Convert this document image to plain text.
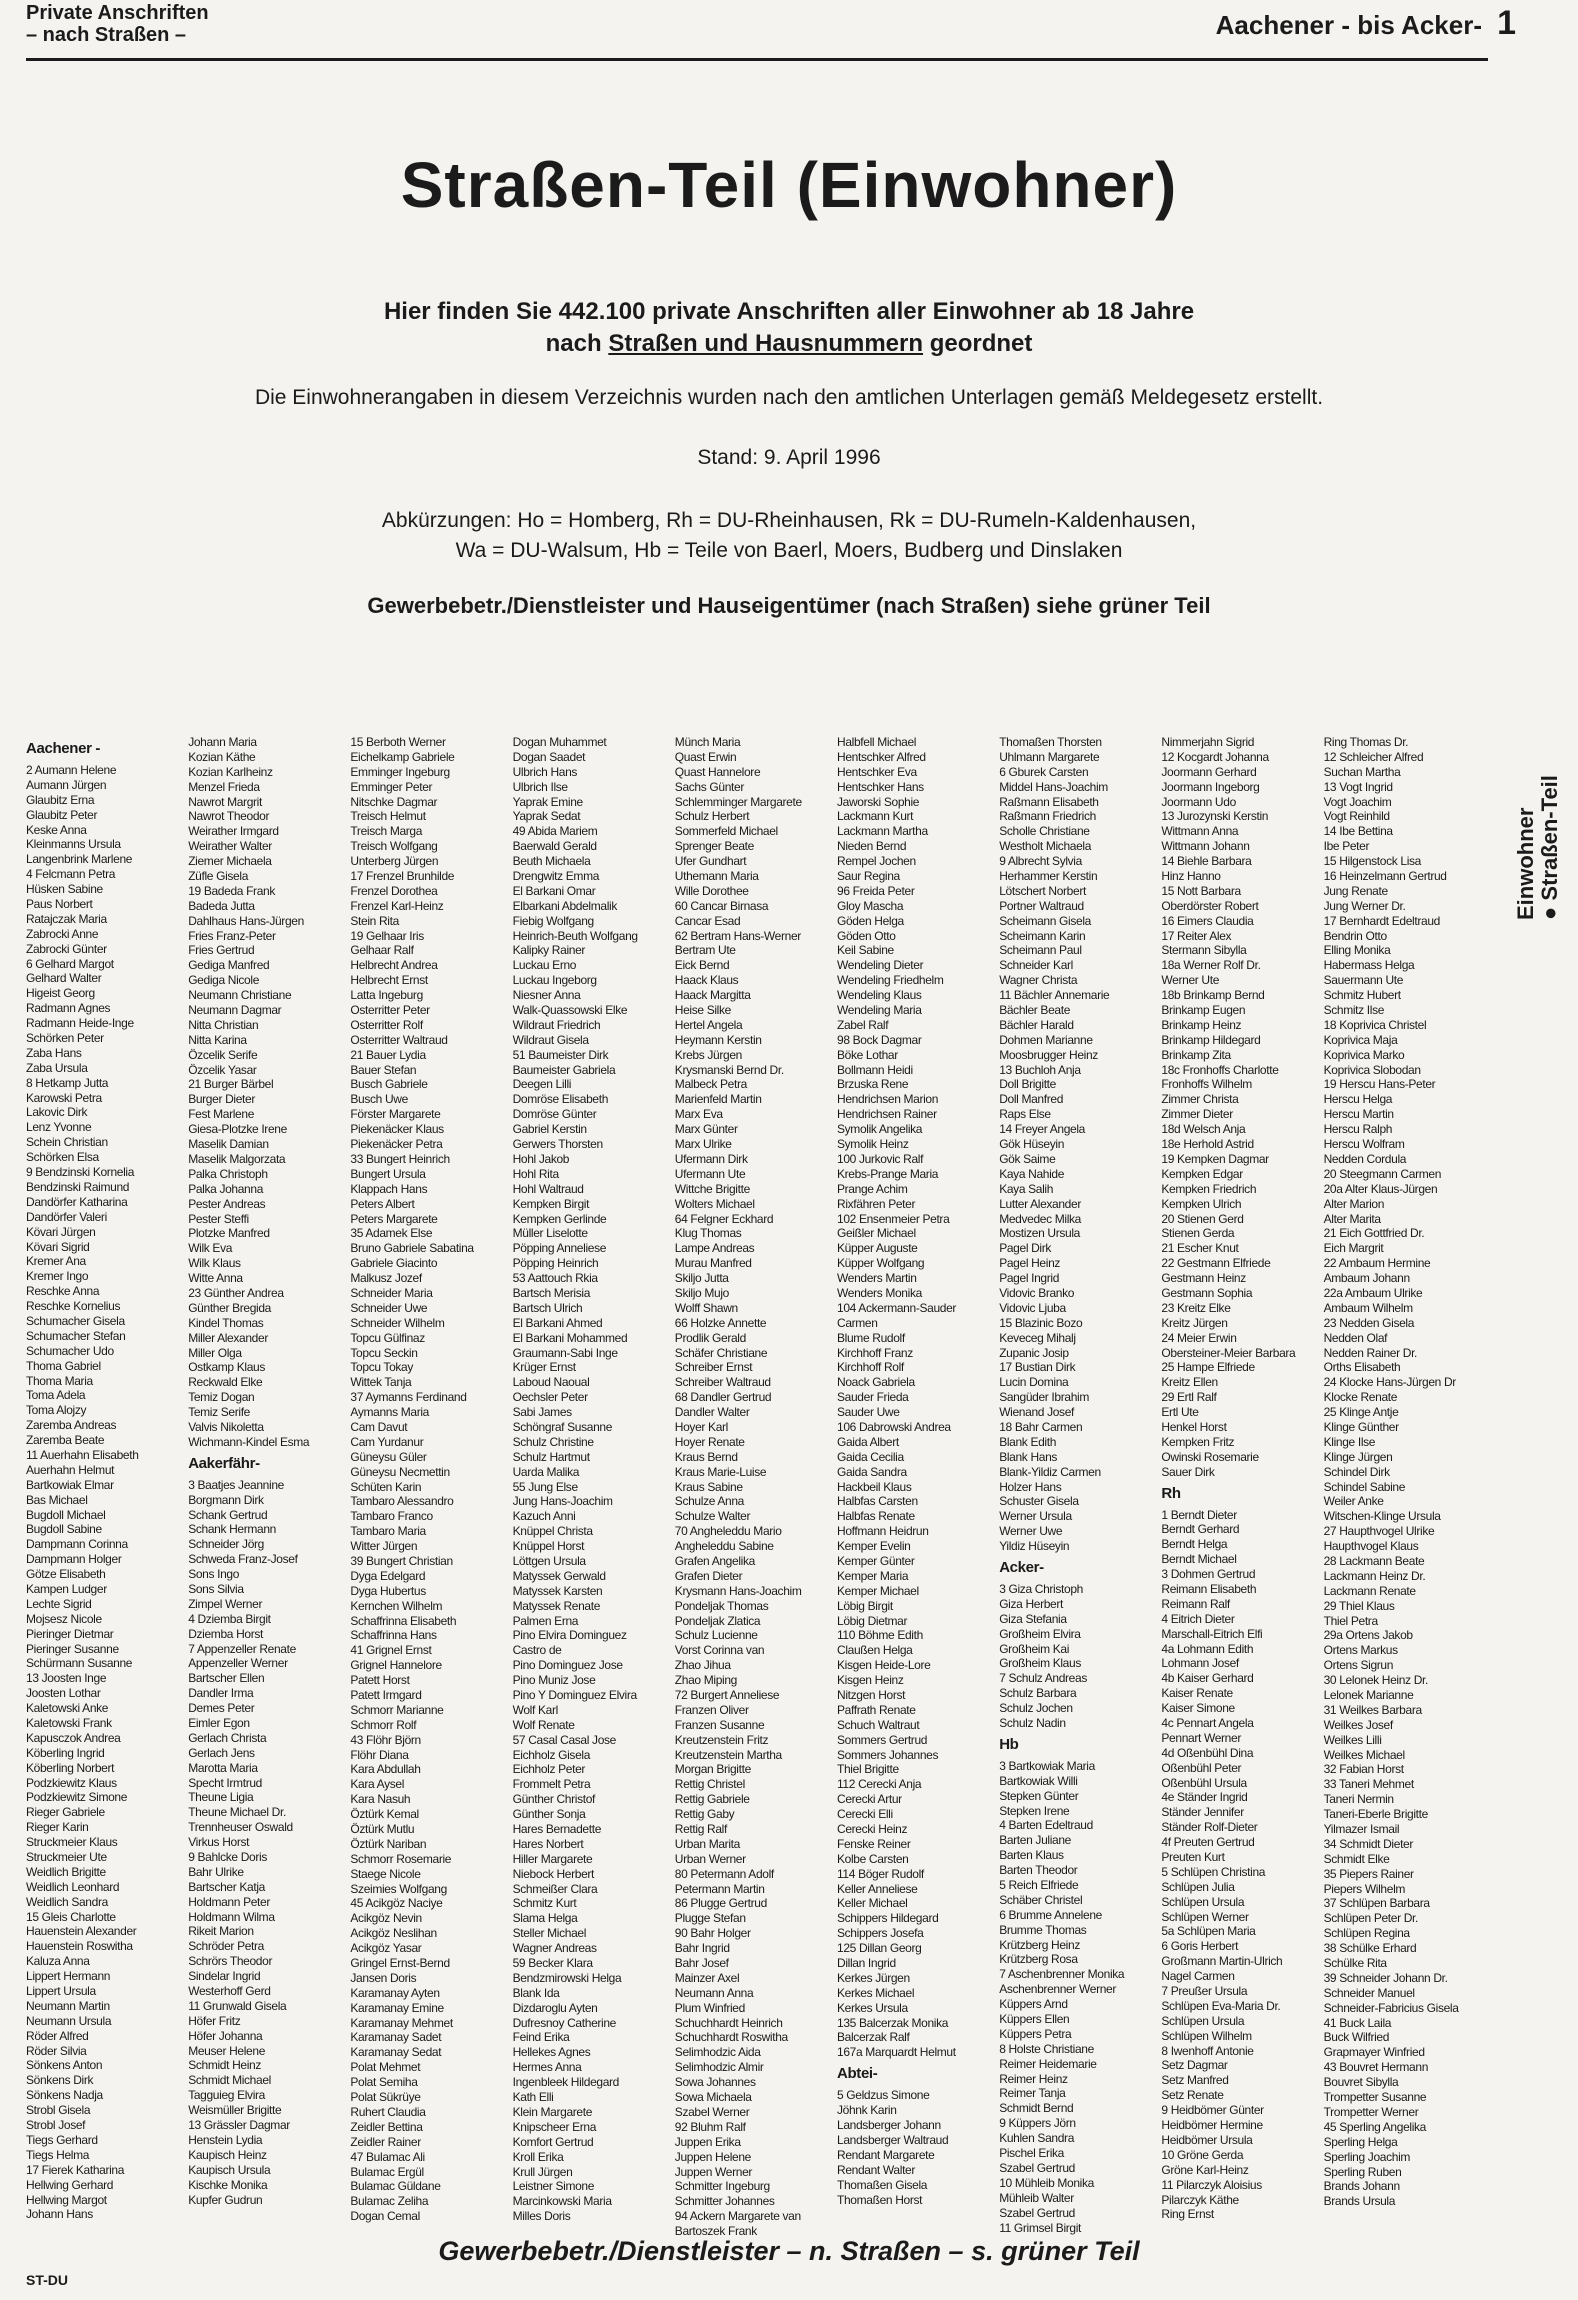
Private Anschriften
– nach Straßen –	Aachener - bis Acker- 1
Straßen-Teil (Einwohner)
Hier finden Sie 442.100 private Anschriften aller Einwohner ab 18 Jahre
nach Straßen und Hausnummern geordnet
Die Einwohnerangaben in diesem Verzeichnis wurden nach den amtlichen Unterlagen gemäß Meldegesetz erstellt.
Stand: 9. April 1996
Abkürzungen: Ho = Homberg, Rh = DU-Rheinhausen, Rk = DU-Rumeln-Kaldenhausen,
Wa = DU-Walsum, Hb = Teile von Baerl, Moers, Budberg und Dinslaken
Gewerbebetr./Dienstleister und Hauseigentümer (nach Straßen) siehe grüner Teil
Einwohner ● Straßen-Teil
Aachener -
2 Aumann Helene
Aumann Jürgen
Glaubitz Erna
Glaubitz Peter
Keske Anna
Kleinmanns Ursula
Langenbrink Marlene
4 Felcmann Petra
Hüsken Sabine
Paus Norbert
Ratajczak Maria
Zabrocki Anne
Zabrocki Günter
6 Gelhard Margot
Gelhard Walter
Higeist Georg
Radmann Agnes
Radmann Heide-Inge
Schörken Peter
Zaba Hans
Zaba Ursula
8 Hetkamp Jutta
Karowski Petra
Lakovic Dirk
Lenz Yvonne
Schein Christian
Schörken Elsa
9 Bendzinski Kornelia
Bendzinski Raimund
Dandörfer Katharina
Dandörfer Valeri
Kövari Jürgen
Kövari Sigrid
Kremer Ana
Kremer Ingo
Reschke Anna
Reschke Kornelius
Schumacher Gisela
Schumacher Stefan
Schumacher Udo
Thoma Gabriel
Thoma Maria
Toma Adela
Toma Alojzy
Zaremba Andreas
Zaremba Beate
11 Auerhahn Elisabeth
Auerhahn Helmut
Bartkowiak Elmar
Bas Michael
Bugdoll Michael
Bugdoll Sabine
Dampmann Corinna
Dampmann Holger
Götze Elisabeth
Kampen Ludger
Lechte Sigrid
Mojsesz Nicole
Pieringer Dietmar
Pieringer Susanne
Schürmann Susanne
13 Joosten Inge
Joosten Lothar
Kaletowski Anke
Kaletowski Frank
Kapusczok Andrea
Köberling Ingrid
Köberling Norbert
Podzkiewitz Klaus
Podzkiewitz Simone
Rieger Gabriele
Rieger Karin
Struckmeier Klaus
Struckmeier Ute
Weidlich Brigitte
Weidlich Leonhard
Weidlich Sandra
15 Gleis Charlotte
Hauenstein Alexander
Hauenstein Roswitha
Kaluza Anna
Lippert Hermann
Lippert Ursula
Neumann Martin
Neumann Ursula
Röder Alfred
Röder Silvia
Sönkens Anton
Sönkens Dirk
Sönkens Nadja
Strobl Gisela
Strobl Josef
Tiegs Gerhard
Tiegs Helma
17 Fierek Katharina
Hellwing Gerhard
Hellwing Margot
Johann Hans
Johann Maria
Kozian Käthe
Kozian Karlheinz
Menzel Frieda
Nawrot Margrit
Nawrot Theodor
Weirather Irmgard
Weirather Walter
Ziemer Michaela
Züfle Gisela
19 Badeda Frank
Badeda Jutta
Dahlhaus Hans-Jürgen
Fries Franz-Peter
Fries Gertrud
Gediga Manfred
Gediga Nicole
Neumann Christiane
Neumann Dagmar
Nitta Christian
Nitta Karina
Özcelik Serife
Özcelik Yasar
21 Burger Bärbel
Burger Dieter
Fest Marlene
Giesa-Plotzke Irene
Maselik Damian
Maselik Malgorzata
Palka Christoph
Palka Johanna
Pester Andreas
Pester Steffi
Plotzke Manfred
Wilk Eva
Wilk Klaus
Witte Anna
23 Günther Andrea
Günther Bregida
Kindel Thomas
Miller Alexander
Miller Olga
Ostkamp Klaus
Reckwald Elke
Temiz Dogan
Temiz Serife
Valvis Nikoletta
Wichmann-Kindel Esma
Aakerfähr-
3 Baatjes Jeannine
Borgmann Dirk
Schank Gertrud
Schank Hermann
Schneider Jörg
Schweda Franz-Josef
Sons Ingo
Sons Silvia
Zimpel Werner
4 Dziemba Birgit
Dziemba Horst
7 Appenzeller Renate
Appenzeller Werner
Bartscher Ellen
Dandler Irma
Demes Peter
Eimler Egon
Gerlach Christa
Gerlach Jens
Marotta Maria
Specht Irmtrud
Theune Ligia
Theune Michael Dr.
Trennheuser Oswald
Virkus Horst
9 Bahlcke Doris
Bahr Ulrike
Bartscher Katja
Holdmann Peter
Holdmann Wilma
Rikeit Marion
Schröder Petra
Schrörs Theodor
Sindelar Ingrid
Westerhoff Gerd
11 Grunwald Gisela
Höfer Fritz
Höfer Johanna
Meuser Helene
Schmidt Heinz
Schmidt Michael
Tagguieg Elvira
Weismüller Brigitte
13 Grässler Dagmar
Henstein Lydia
Kaupisch Heinz
Kaupisch Ursula
Kischke Monika
Kupfer Gudrun
15 Berboth Werner
Eichelkamp Gabriele
Emminger Ingeburg
Emminger Peter
Nitschke Dagmar
Treisch Helmut
Treisch Marga
Treisch Wolfgang
Unterberg Jürgen
17 Frenzel Brunhilde
Frenzel Dorothea
Frenzel Karl-Heinz
Stein Rita
19 Gelhaar Iris
Gelhaar Ralf
Helbrecht Andrea
Helbrecht Ernst
Latta Ingeburg
Osterritter Peter
Osterritter Rolf
Osterritter Waltraud
21 Bauer Lydia
Bauer Stefan
Busch Gabriele
Busch Uwe
Förster Margarete
Piekenäcker Klaus
Piekenäcker Petra
33 Bungert Heinrich
Bungert Ursula
Klappach Hans
Peters Albert
Peters Margarete
35 Adamek Else
Bruno Gabriele Sabatina
Gabriele Giacinto
Malkusz Jozef
Schneider Maria
Schneider Uwe
Schneider Wilhelm
Topcu Gülfinaz
Topcu Seckin
Topcu Tokay
Wittek Tanja
37 Aymanns Ferdinand
Aymanns Maria
Cam Davut
Cam Yurdanur
Güneysu Güler
Güneysu Necmettin
Schüten Karin
Tambaro Alessandro
Tambaro Franco
Tambaro Maria
Witter Jürgen
39 Bungert Christian
Dyga Edelgard
Dyga Hubertus
Kernchen Wilhelm
Schaffrinna Elisabeth
Schaffrinna Hans
41 Grignel Ernst
Grignel Hannelore
Patett Horst
Patett Irmgard
Schmorr Marianne
Schmorr Rolf
43 Flöhr Björn
Flöhr Diana
Kara Abdullah
Kara Aysel
Kara Nasuh
Öztürk Kemal
Öztürk Mutlu
Öztürk Nariban
Schmorr Rosemarie
Staege Nicole
Szeimies Wolfgang
45 Acikgöz Naciye
Acikgöz Nevin
Acikgöz Neslihan
Acikgöz Yasar
Gringel Ernst-Bernd
Jansen Doris
Karamanay Ayten
Karamanay Emine
Karamanay Mehmet
Karamanay Sadet
Karamanay Sedat
Polat Mehmet
Polat Semiha
Polat Sükrüye
Ruhert Claudia
Zeidler Bettina
Zeidler Rainer
47 Bulamac Ali
Bulamac Ergül
Bulamac Güldane
Bulamac Zeliha
Dogan Cemal
Dogan Muhammet
Dogan Saadet
Ulbrich Hans
Ulbrich Ilse
Yaprak Emine
Yaprak Sedat
49 Abida Mariem
Baerwald Gerald
Beuth Michaela
Drengwitz Emma
El Barkani Omar
Elbarkani Abdelmalik
Fiebig Wolfgang
Heinrich-Beuth Wolfgang
Kalipky Rainer
Luckau Erno
Luckau Ingeborg
Niesner Anna
Walk-Quassowski Elke
Wildraut Friedrich
Wildraut Gisela
51 Baumeister Dirk
Baumeister Gabriela
Deegen Lilli
Domröse Elisabeth
Domröse Günter
Gabriel Kerstin
Gerwers Thorsten
Hohl Jakob
Hohl Rita
Hohl Waltraud
Kempken Birgit
Kempken Gerlinde
Müller Liselotte
Pöpping Anneliese
Pöpping Heinrich
53 Aattouch Rkia
Bartsch Merisia
Bartsch Ulrich
El Barkani Ahmed
El Barkani Mohammed
Graumann-Sabi Inge
Krüger Ernst
Laboud Naoual
Oechsler Peter
Sabi James
Schöngraf Susanne
Schulz Christine
Schulz Hartmut
Uarda Malika
55 Jung Else
Jung Hans-Joachim
Kazuch Anni
Knüppel Christa
Knüppel Horst
Löttgen Ursula
Matyssek Gerwald
Matyssek Karsten
Matyssek Renate
Palmen Erna
Pino Elvira Dominguez
Castro de
Pino Dominguez Jose
Pino Muniz Jose
Pino Y Dominguez Elvira
Wolf Karl
Wolf Renate
57 Casal Casal Jose
Eichholz Gisela
Eichholz Peter
Frommelt Petra
Günther Christof
Günther Sonja
Hares Bernadette
Hares Norbert
Hiller Margarete
Niebock Herbert
Schmeißer Clara
Schmitz Kurt
Slama Helga
Steller Michael
Wagner Andreas
59 Becker Klara
Bendzmirowski Helga
Blank Ida
Dizdaroglu Ayten
Dufresnoy Catherine
Feind Erika
Hellekes Agnes
Hermes Anna
Ingenbleek Hildegard
Kath Elli
Klein Margarete
Knipscheer Erna
Komfort Gertrud
Kroll Erika
Krull Jürgen
Leistner Simone
Marcinkowski Maria
Milles Doris
Münch Maria
Quast Erwin
Quast Hannelore
Sachs Günter
Schlemminger Margarete
Schulz Herbert
Sommerfeld Michael
Sprenger Beate
Ufer Gundhart
Uthemann Maria
Wille Dorothee
60 Cancar Birnasa
Cancar Esad
62 Bertram Hans-Werner
Bertram Ute
Eick Bernd
Haack Klaus
Haack Margitta
Heise Silke
Hertel Angela
Heymann Kerstin
Krebs Jürgen
Krysmanski Bernd Dr.
Malbeck Petra
Marienfeld Martin
Marx Eva
Marx Günter
Marx Ulrike
Ufermann Dirk
Ufermann Ute
Wittche Brigitte
Wolters Michael
64 Felgner Eckhard
Klug Thomas
Lampe Andreas
Murau Manfred
Skiljo Jutta
Skiljo Mujo
Wolff Shawn
66 Holzke Annette
Prodlik Gerald
Schäfer Christiane
Schreiber Ernst
Schreiber Waltraud
68 Dandler Gertrud
Dandler Walter
Hoyer Karl
Hoyer Renate
Kraus Bernd
Kraus Marie-Luise
Kraus Sabine
Schulze Anna
Schulze Walter
70 Angheleddu Mario
Angheleddu Sabine
Grafen Angelika
Grafen Dieter
Krysmann Hans-Joachim
Pondeljak Thomas
Pondeljak Zlatica
Schulz Lucienne
Vorst Corinna van
Zhao Jihua
Zhao Miping
72 Burgert Anneliese
Franzen Oliver
Franzen Susanne
Kreutzenstein Fritz
Kreutzenstein Martha
Morgan Brigitte
Rettig Christel
Rettig Gabriele
Rettig Gaby
Rettig Ralf
Urban Marita
Urban Werner
80 Petermann Adolf
Petermann Martin
86 Plugge Gertrud
Plugge Stefan
90 Bahr Holger
Bahr Ingrid
Bahr Josef
Mainzer Axel
Neumann Anna
Plum Winfried
Schuchhardt Heinrich
Schuchhardt Roswitha
Selimhodzic Aida
Selimhodzic Almir
Sowa Johannes
Sowa Michaela
Szabel Werner
92 Bluhm Ralf
Juppen Erika
Juppen Helene
Juppen Werner
Schmitter Ingeburg
Schmitter Johannes
94 Ackern Margarete van
Bartoszek Frank
Halbfell Michael
Hentschker Alfred
Hentschker Eva
Hentschker Hans
Jaworski Sophie
Lackmann Kurt
Lackmann Martha
Nieden Bernd
Rempel Jochen
Saur Regina
96 Freida Peter
Gloy Mascha
Göden Helga
Göden Otto
Keil Sabine
Wendeling Dieter
Wendeling Friedhelm
Wendeling Klaus
Wendeling Maria
Zabel Ralf
98 Bock Dagmar
Böke Lothar
Bollmann Heidi
Brzuska Rene
Hendrichsen Marion
Hendrichsen Rainer
Symolik Angelika
Symolik Heinz
100 Jurkovic Ralf
Krebs-Prange Maria
Prange Achim
Rixfähren Peter
102 Ensenmeier Petra
Geißler Michael
Küpper Auguste
Küpper Wolfgang
Wenders Martin
Wenders Monika
104 Ackermann-Sauder
Carmen
Blume Rudolf
Kirchhoff Franz
Kirchhoff Rolf
Noack Gabriela
Sauder Frieda
Sauder Uwe
106 Dabrowski Andrea
Gaida Albert
Gaida Cecilia
Gaida Sandra
Hackbeil Klaus
Halbfas Carsten
Halbfas Renate
Hoffmann Heidrun
Kemper Evelin
Kemper Günter
Kemper Maria
Kemper Michael
Löbig Birgit
Löbig Dietmar
110 Böhme Edith
Claußen Helga
Kisgen Heide-Lore
Kisgen Heinz
Nitzgen Horst
Paffrath Renate
Schuch Waltraut
Sommers Gertrud
Sommers Johannes
Thiel Brigitte
112 Cerecki Anja
Cerecki Artur
Cerecki Elli
Cerecki Heinz
Fenske Reiner
Kolbe Carsten
114 Böger Rudolf
Keller Anneliese
Keller Michael
Schippers Hildegard
Schippers Josefa
125 Dillan Georg
Dillan Ingrid
Kerkes Jürgen
Kerkes Michael
Kerkes Ursula
135 Balcerzak Monika
Balcerzak Ralf
167a Marquardt Helmut
Abtei-
5 Geldzus Simone
Jöhnk Karin
Landsberger Johann
Landsberger Waltraud
Rendant Margarete
Rendant Walter
Thomaßen Gisela
Thomaßen Horst
Thomaßen Thorsten
Uhlmann Margarete
6 Gburek Carsten
Middel Hans-Joachim
Raßmann Elisabeth
Raßmann Friedrich
Scholle Christiane
Westholt Michaela
9 Albrecht Sylvia
Herhammer Kerstin
Lötschert Norbert
Portner Waltraud
Scheimann Gisela
Scheimann Karin
Scheimann Paul
Schneider Karl
Wagner Christa
11 Bächler Annemarie
Bächler Beate
Bächler Harald
Dohmen Marianne
Moosbrugger Heinz
13 Buchloh Anja
Doll Brigitte
Doll Manfred
Raps Else
14 Freyer Angela
Gök Hüseyin
Gök Saime
Kaya Nahide
Kaya Salih
Lutter Alexander
Medvedec Milka
Mostizen Ursula
Pagel Dirk
Pagel Heinz
Pagel Ingrid
Vidovic Branko
Vidovic Ljuba
15 Blazinic Bozo
Keveceg Mihalj
Zupanic Josip
17 Bustian Dirk
Lucin Domina
Sangüder Ibrahim
Wienand Josef
18 Bahr Carmen
Blank Edith
Blank Hans
Blank-Yildiz Carmen
Holzer Hans
Schuster Gisela
Werner Ursula
Werner Uwe
Yildiz Hüseyin
Acker-
3 Giza Christoph
Giza Herbert
Giza Stefania
Großheim Elvira
Großheim Kai
Großheim Klaus
7 Schulz Andreas
Schulz Barbara
Schulz Jochen
Schulz Nadin
Hb
3 Bartkowiak Maria
Bartkowiak Willi
Stepken Günter
Stepken Irene
4 Barten Edeltraud
Barten Juliane
Barten Klaus
Barten Theodor
5 Reich Elfriede
Schäber Christel
6 Brumme Annelene
Brumme Thomas
Krützberg Heinz
Krützberg Rosa
7 Aschenbrenner Monika
Aschenbrenner Werner
Küppers Arnd
Küppers Ellen
Küppers Petra
8 Holste Christiane
Reimer Heidemarie
Reimer Heinz
Reimer Tanja
Schmidt Bernd
9 Küppers Jörn
Kuhlen Sandra
Pischel Erika
Szabel Gertrud
10 Mühleib Monika
Mühleib Walter
Szabel Gertrud
11 Grimsel Birgit
Nimmerjahn Sigrid
12 Kocgardt Johanna
Joormann Gerhard
Joormann Ingeborg
Joormann Udo
13 Jurozynski Kerstin
Wittmann Anna
Wittmann Johann
14 Biehle Barbara
Hinz Hanno
15 Nott Barbara
Oberdörster Robert
16 Eimers Claudia
17 Reiter Alex
Stermann Sibylla
18a Werner Rolf Dr.
Werner Ute
18b Brinkamp Bernd
Brinkamp Eugen
Brinkamp Heinz
Brinkamp Hildegard
Brinkamp Zita
18c Fronhoffs Charlotte
Fronhoffs Wilhelm
Zimmer Christa
Zimmer Dieter
18d Welsch Anja
18e Herhold Astrid
19 Kempken Dagmar
Kempken Edgar
Kempken Friedrich
Kempken Ulrich
20 Stienen Gerd
Stienen Gerda
21 Escher Knut
22 Gestmann Elfriede
Gestmann Heinz
Gestmann Sophia
23 Kreitz Elke
Kreitz Jürgen
24 Meier Erwin
Obersteiner-Meier Barbara
25 Hampe Elfriede
Kreitz Ellen
29 Ertl Ralf
Ertl Ute
Henkel Horst
Kempken Fritz
Owinski Rosemarie
Sauer Dirk
Rh
1 Berndt Dieter
Berndt Gerhard
Berndt Helga
Berndt Michael
3 Dohmen Gertrud
Reimann Elisabeth
Reimann Ralf
4 Eitrich Dieter
Marschall-Eitrich Elfi
4a Lohmann Edith
Lohmann Josef
4b Kaiser Gerhard
Kaiser Renate
Kaiser Simone
4c Pennart Angela
Pennart Werner
4d Oßenbühl Dina
Oßenbühl Peter
Oßenbühl Ursula
4e Ständer Ingrid
Ständer Jennifer
Ständer Rolf-Dieter
4f Preuten Gertrud
Preuten Kurt
5 Schlüpen Christina
Schlüpen Julia
Schlüpen Ursula
Schlüpen Werner
5a Schlüpen Maria
6 Goris Herbert
Großmann Martin-Ulrich
Nagel Carmen
7 Preußer Ursula
Schlüpen Eva-Maria Dr.
Schlüpen Ursula
Schlüpen Wilhelm
8 Iwenhoff Antonie
Setz Dagmar
Setz Manfred
Setz Renate
9 Heidbömer Günter
Heidbömer Hermine
Heidbömer Ursula
10 Gröne Gerda
Gröne Karl-Heinz
11 Pilarczyk Aloisius
Pilarczyk Käthe
Ring Ernst
Ring Thomas Dr.
12 Schleicher Alfred
Suchan Martha
13 Vogt Ingrid
Vogt Joachim
Vogt Reinhild
14 Ibe Bettina
Ibe Peter
15 Hilgenstock Lisa
16 Heinzelmann Gertrud
Jung Renate
Jung Werner Dr.
17 Bernhardt Edeltraud
Bendrin Otto
Elling Monika
Habermass Helga
Sauermann Ute
Schmitz Hubert
Schmitz Ilse
18 Koprivica Christel
Koprivica Maja
Koprivica Marko
Koprivica Slobodan
19 Herscu Hans-Peter
Herscu Helga
Herscu Martin
Herscu Ralph
Herscu Wolfram
Nedden Cordula
20 Steegmann Carmen
20a Alter Klaus-Jürgen
Alter Marion
Alter Marita
21 Eich Gottfried Dr.
Eich Margrit
22 Ambaum Hermine
Ambaum Johann
22a Ambaum Ulrike
Ambaum Wilhelm
23 Nedden Gisela
Nedden Olaf
Nedden Rainer Dr.
Orths Elisabeth
24 Klocke Hans-Jürgen Dr
Klocke Renate
25 Klinge Antje
Klinge Günther
Klinge Ilse
Klinge Jürgen
Schindel Dirk
Schindel Sabine
Weiler Anke
Witschen-Klinge Ursula
27 Haupthvogel Ulrike
Haupthvogel Klaus
28 Lackmann Beate
Lackmann Heinz Dr.
Lackmann Renate
29 Thiel Klaus
Thiel Petra
29a Ortens Jakob
Ortens Markus
Ortens Sigrun
30 Lelonek Heinz Dr.
Lelonek Marianne
31 Weilkes Barbara
Weilkes Josef
Weilkes Lilli
Weilkes Michael
32 Fabian Horst
33 Taneri Mehmet
Taneri Nermin
Taneri-Eberle Brigitte
Yilmazer Ismail
34 Schmidt Dieter
Schmidt Elke
35 Piepers Rainer
Piepers Wilhelm
37 Schlüpen Barbara
Schlüpen Peter Dr.
Schlüpen Regina
38 Schülke Erhard
Schülke Rita
39 Schneider Johann Dr.
Schneider Manuel
Schneider-Fabricius Gisela
41 Buck Laila
Buck Wilfried
Grapmayer Winfried
43 Bouvret Hermann
Bouvret Sibylla
Trompetter Susanne
Trompetter Werner
45 Sperling Angelika
Sperling Helga
Sperling Joachim
Sperling Ruben
Brands Johann
Brands Ursula
Gewerbebetr./Dienstleister – n. Straßen – s. grüner Teil
ST-DU
